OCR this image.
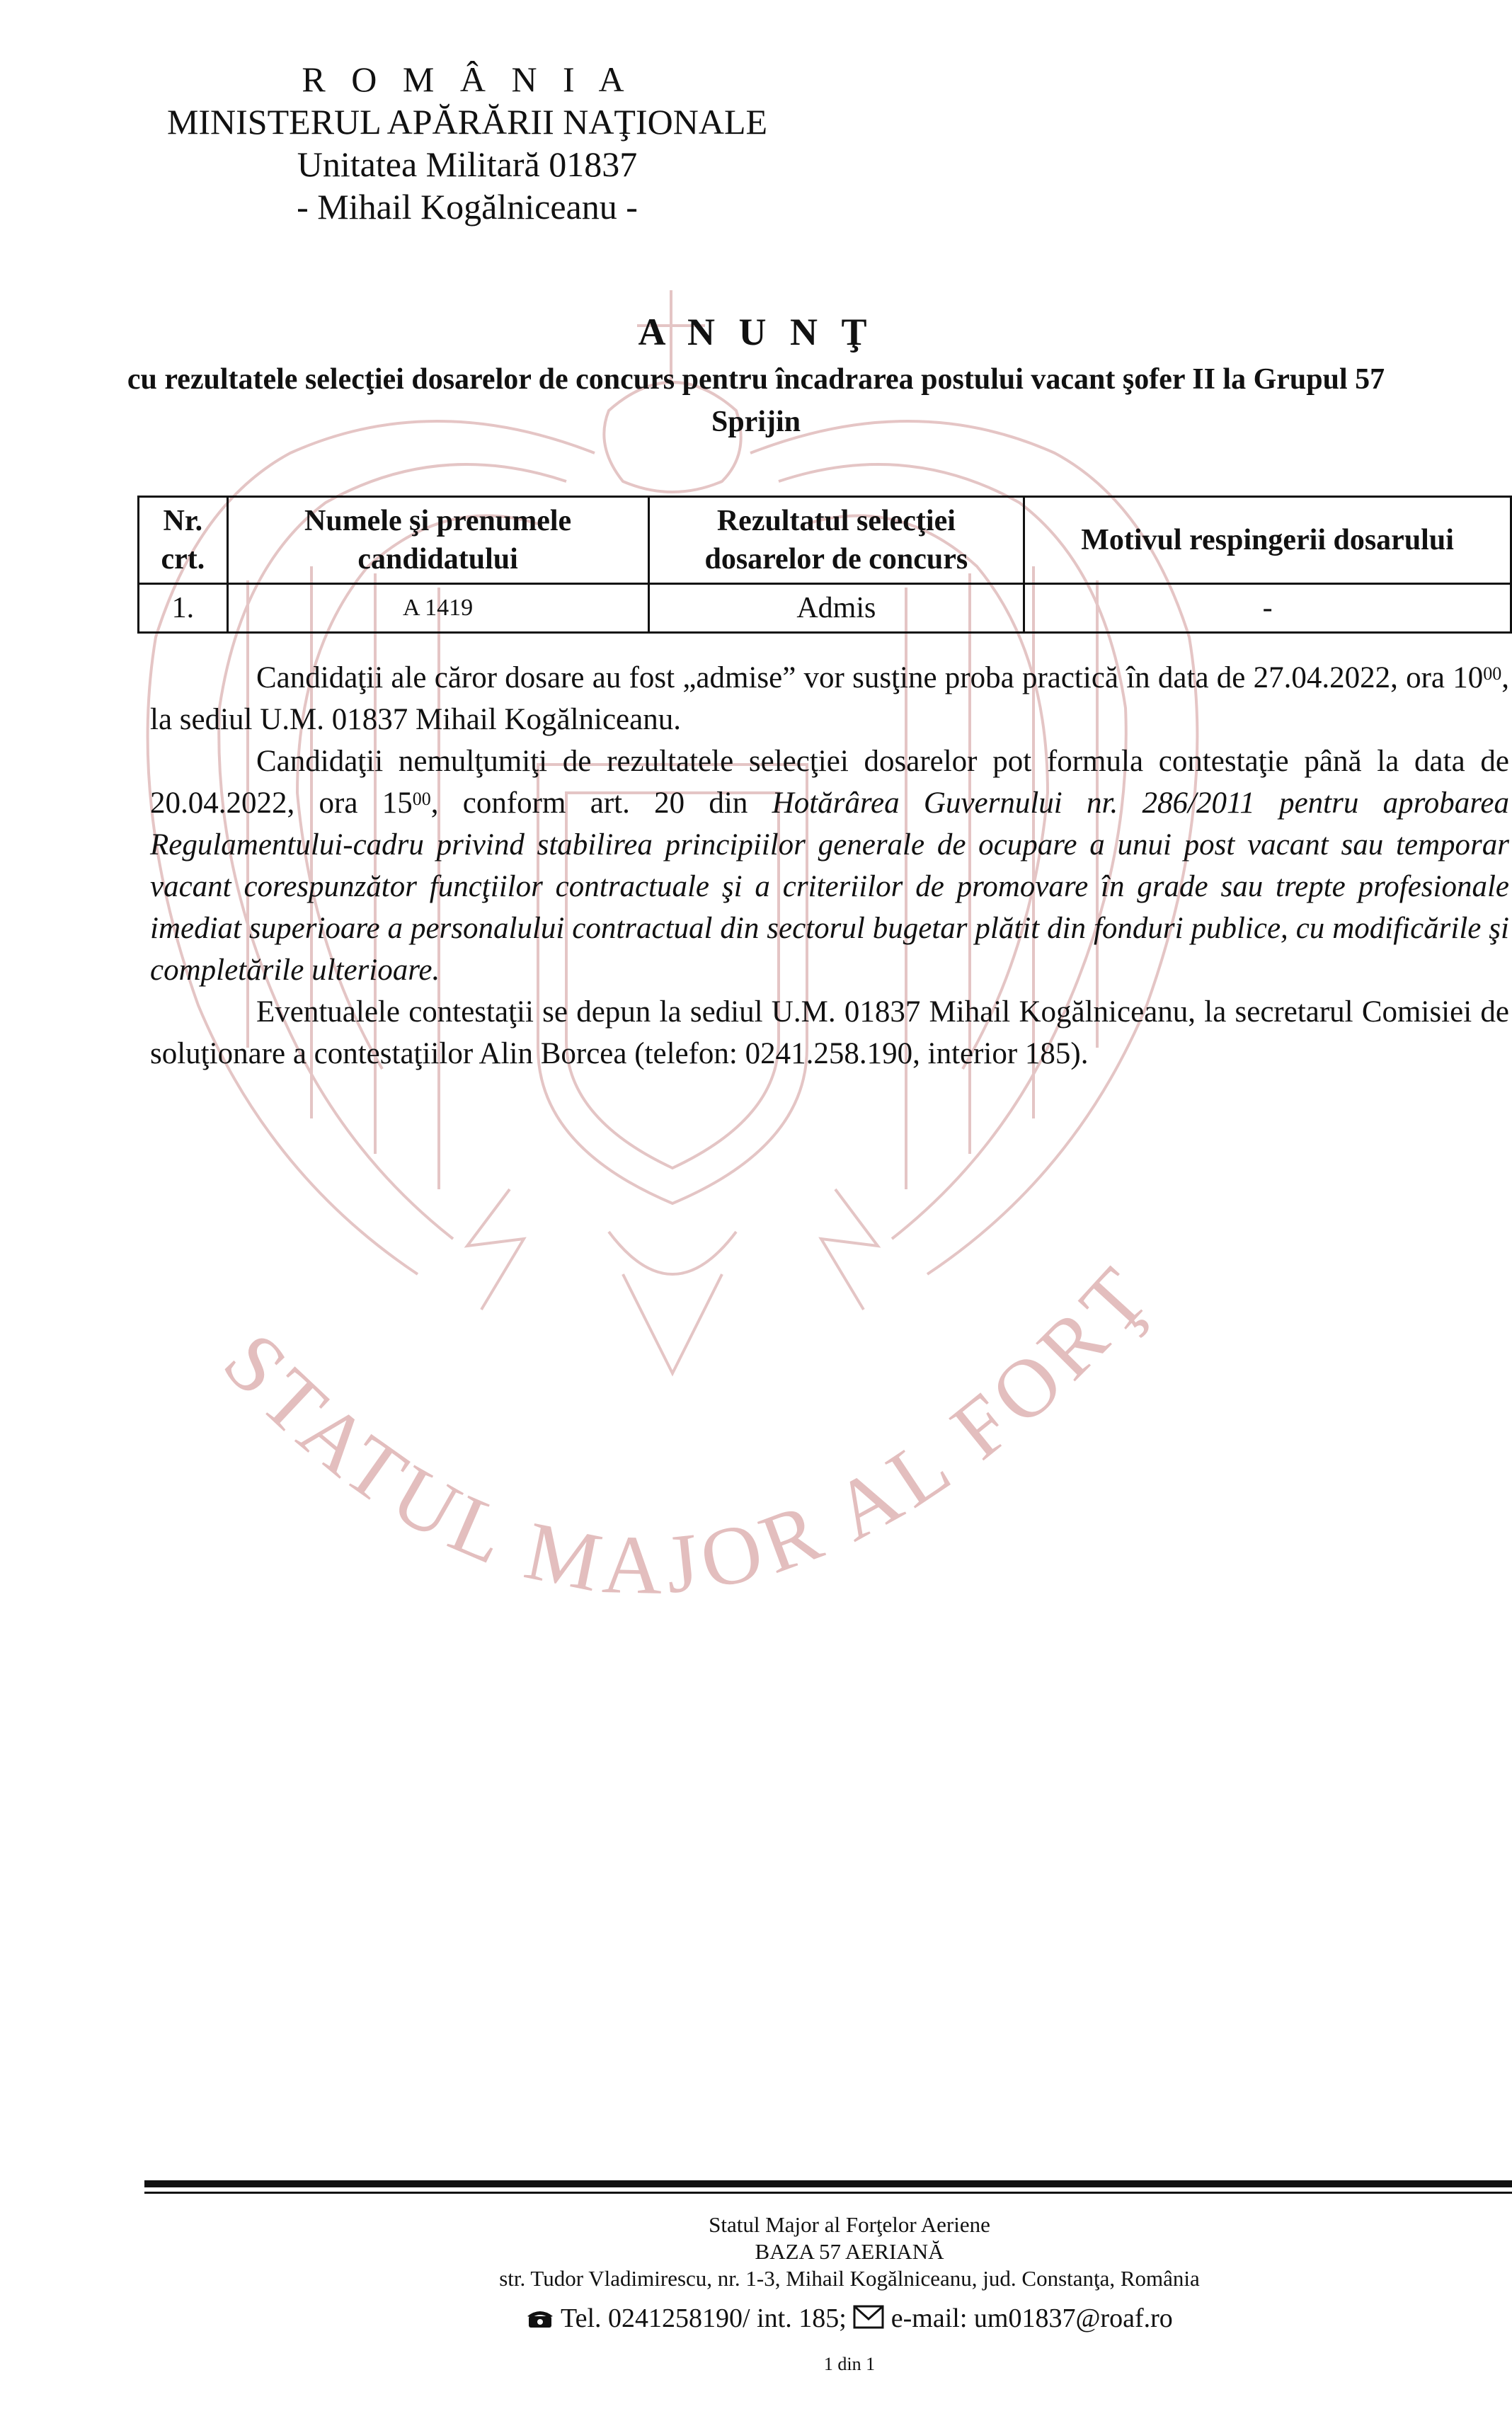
STATUL MAJOR AL FORŢ
R O M Â N I A
MINISTERUL APĂRĂRII NAŢIONALE
Unitatea Militară 01837
- Mihail Kogălniceanu -
A N U N Ţ
cu rezultatele selecţiei dosarelor de concurs pentru încadrarea postului vacant şofer II la Grupul 57 Sprijin
Nr. crt.	Numele şi prenumele candidatului	Rezultatul selecţiei dosarelor de concurs	Motivul respingerii dosarului
1.	A 1419	Admis	-

Candidaţii ale căror dosare au fost „admise” vor susţine proba practică în data de 27.04.2022, ora $10^{00}$, la sediul U.M. 01837 Mihail Kogălniceanu.

Candidaţii nemulţumiţi de rezultatele selecţiei dosarelor pot formula contestaţie până la data de 20.04.2022, ora $15^{00}$, conform art. 20 din Hotărârea Guvernului nr. 286/2011 pentru aprobarea Regulamentului-cadru privind stabilirea principiilor generale de ocupare a unui post vacant sau temporar vacant corespunzător funcţiilor contractuale şi a criteriilor de promovare în grade sau trepte profesionale imediat superioare a personalului contractual din sectorul bugetar plătit din fonduri publice, cu modificările şi completările ulterioare.

Eventualele contestaţii se depun la sediul U.M. 01837 Mihail Kogălniceanu, la secretarul Comisiei de soluţionare a contestaţiilor Alin Borcea (telefon: 0241.258.190, interior 185).

Statul Major al Forţelor Aeriene
BAZA 57 AERIANĂ
str. Tudor Vladimirescu, nr. 1-3, Mihail Kogălniceanu, jud. Constanţa, România
Tel. 0241258190/ int. 185; e-mail: um01837@roaf.ro
1 din 1
